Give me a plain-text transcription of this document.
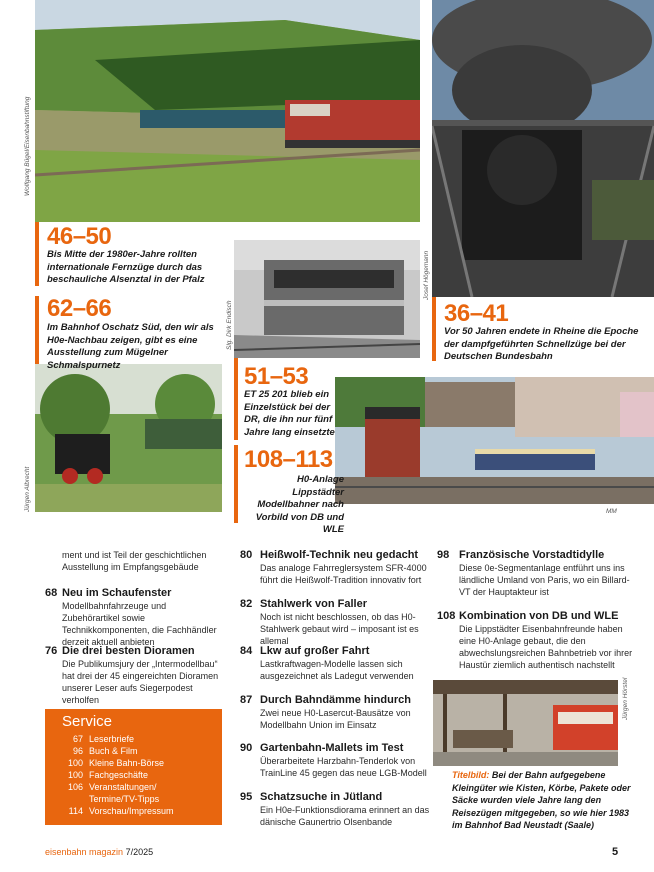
Wolfgang Bügel/Eisenbahnstiftung
Josef Högemann
Slg. Dirk Endisch
Jürgen Albrecht	MM
46–50
Bis Mitte der 1980er-Jahre rollten internationale Fernzüge durch das beschauliche Alsenztal in der Pfalz
62–66
Im Bahnhof Oschatz Süd, den wir als H0e-Nachbau zeigen, gibt es eine Ausstellung zum Mügelner Schmalspurnetz	51–53
ET 25 201 blieb ein Einzelstück bei der DR, die ihn nur fünf Jahre lang einsetzte
36–41
Vor 50 Jahren endete in Rheine die Epoche der dampfgeführten Schnellzüge bei der Deutschen Bundesbahn
108–113
H0-Anlage Lippstädter Modellbahner nach Vorbild von DB und WLE
ment und ist Teil der geschichtlichen Ausstellung im Empfangsgebäude
68 Neu im Schaufenster
Modellbahnfahrzeuge und Zubehörartikel sowie Technikkomponenten, die Fachhändler derzeit aktuell anbieten
76 Die drei besten Dioramen
Die Publikumsjury der „Intermodellbau“ hat drei der 45 eingereichten Dioramen unserer Leser aufs Siegerpodest verholfen
Service
67 Leserbriefe
96 Buch & Film
100 Kleine Bahn-Börse
100 Fachgeschäfte
106 Veranstaltungen/
Termine/TV-Tipps
114 Vorschau/Impressum
80 Heißwolf-Technik neu gedacht
Das analoge Fahrreglersystem SFR-4000 führt die Heißwolf-Tradition innovativ fort
82 Stahlwerk von Faller
Noch ist nicht beschlossen, ob das H0-Stahlwerk gebaut wird – imposant ist es allemal
84 Lkw auf großer Fahrt
Lastkraftwagen-Modelle lassen sich ausgezeichnet als Ladegut verwenden
87 Durch Bahndämme hindurch
Zwei neue H0-Lasercut-Bausätze von Modellbahn Union im Einsatz
90 Gartenbahn-Mallets im Test
Überarbeitete Harzbahn-Tenderlok von TrainLine 45 gegen das neue LGB-Modell
95 Schatzsuche in Jütland
Ein H0e-Funktionsdiorama erinnert an das dänische Gaunertrio Olsenbande
98 Französische Vorstadtidylle
Diese 0e-Segmentanlage entführt uns ins ländliche Umland von Paris, wo ein Billard-VT der Hauptakteur ist
108 Kombination von DB und WLE
Die Lippstädter Eisenbahnfreunde haben eine H0-Anlage gebaut, die den abwechslungsreichen Bahnbetrieb vor ihrer Haustür ziemlich authentisch nachstellt
Jürgen Hörstel
Titelbild: Bei der Bahn aufgegebene Kleingüter wie Kisten, Körbe, Pakete oder Säcke wurden viele Jahre lang den Reisezügen mitgegeben, so wie hier 1983 im Bahnhof Bad Neustadt (Saale)
eisenbahn magazin 7/2025	5
